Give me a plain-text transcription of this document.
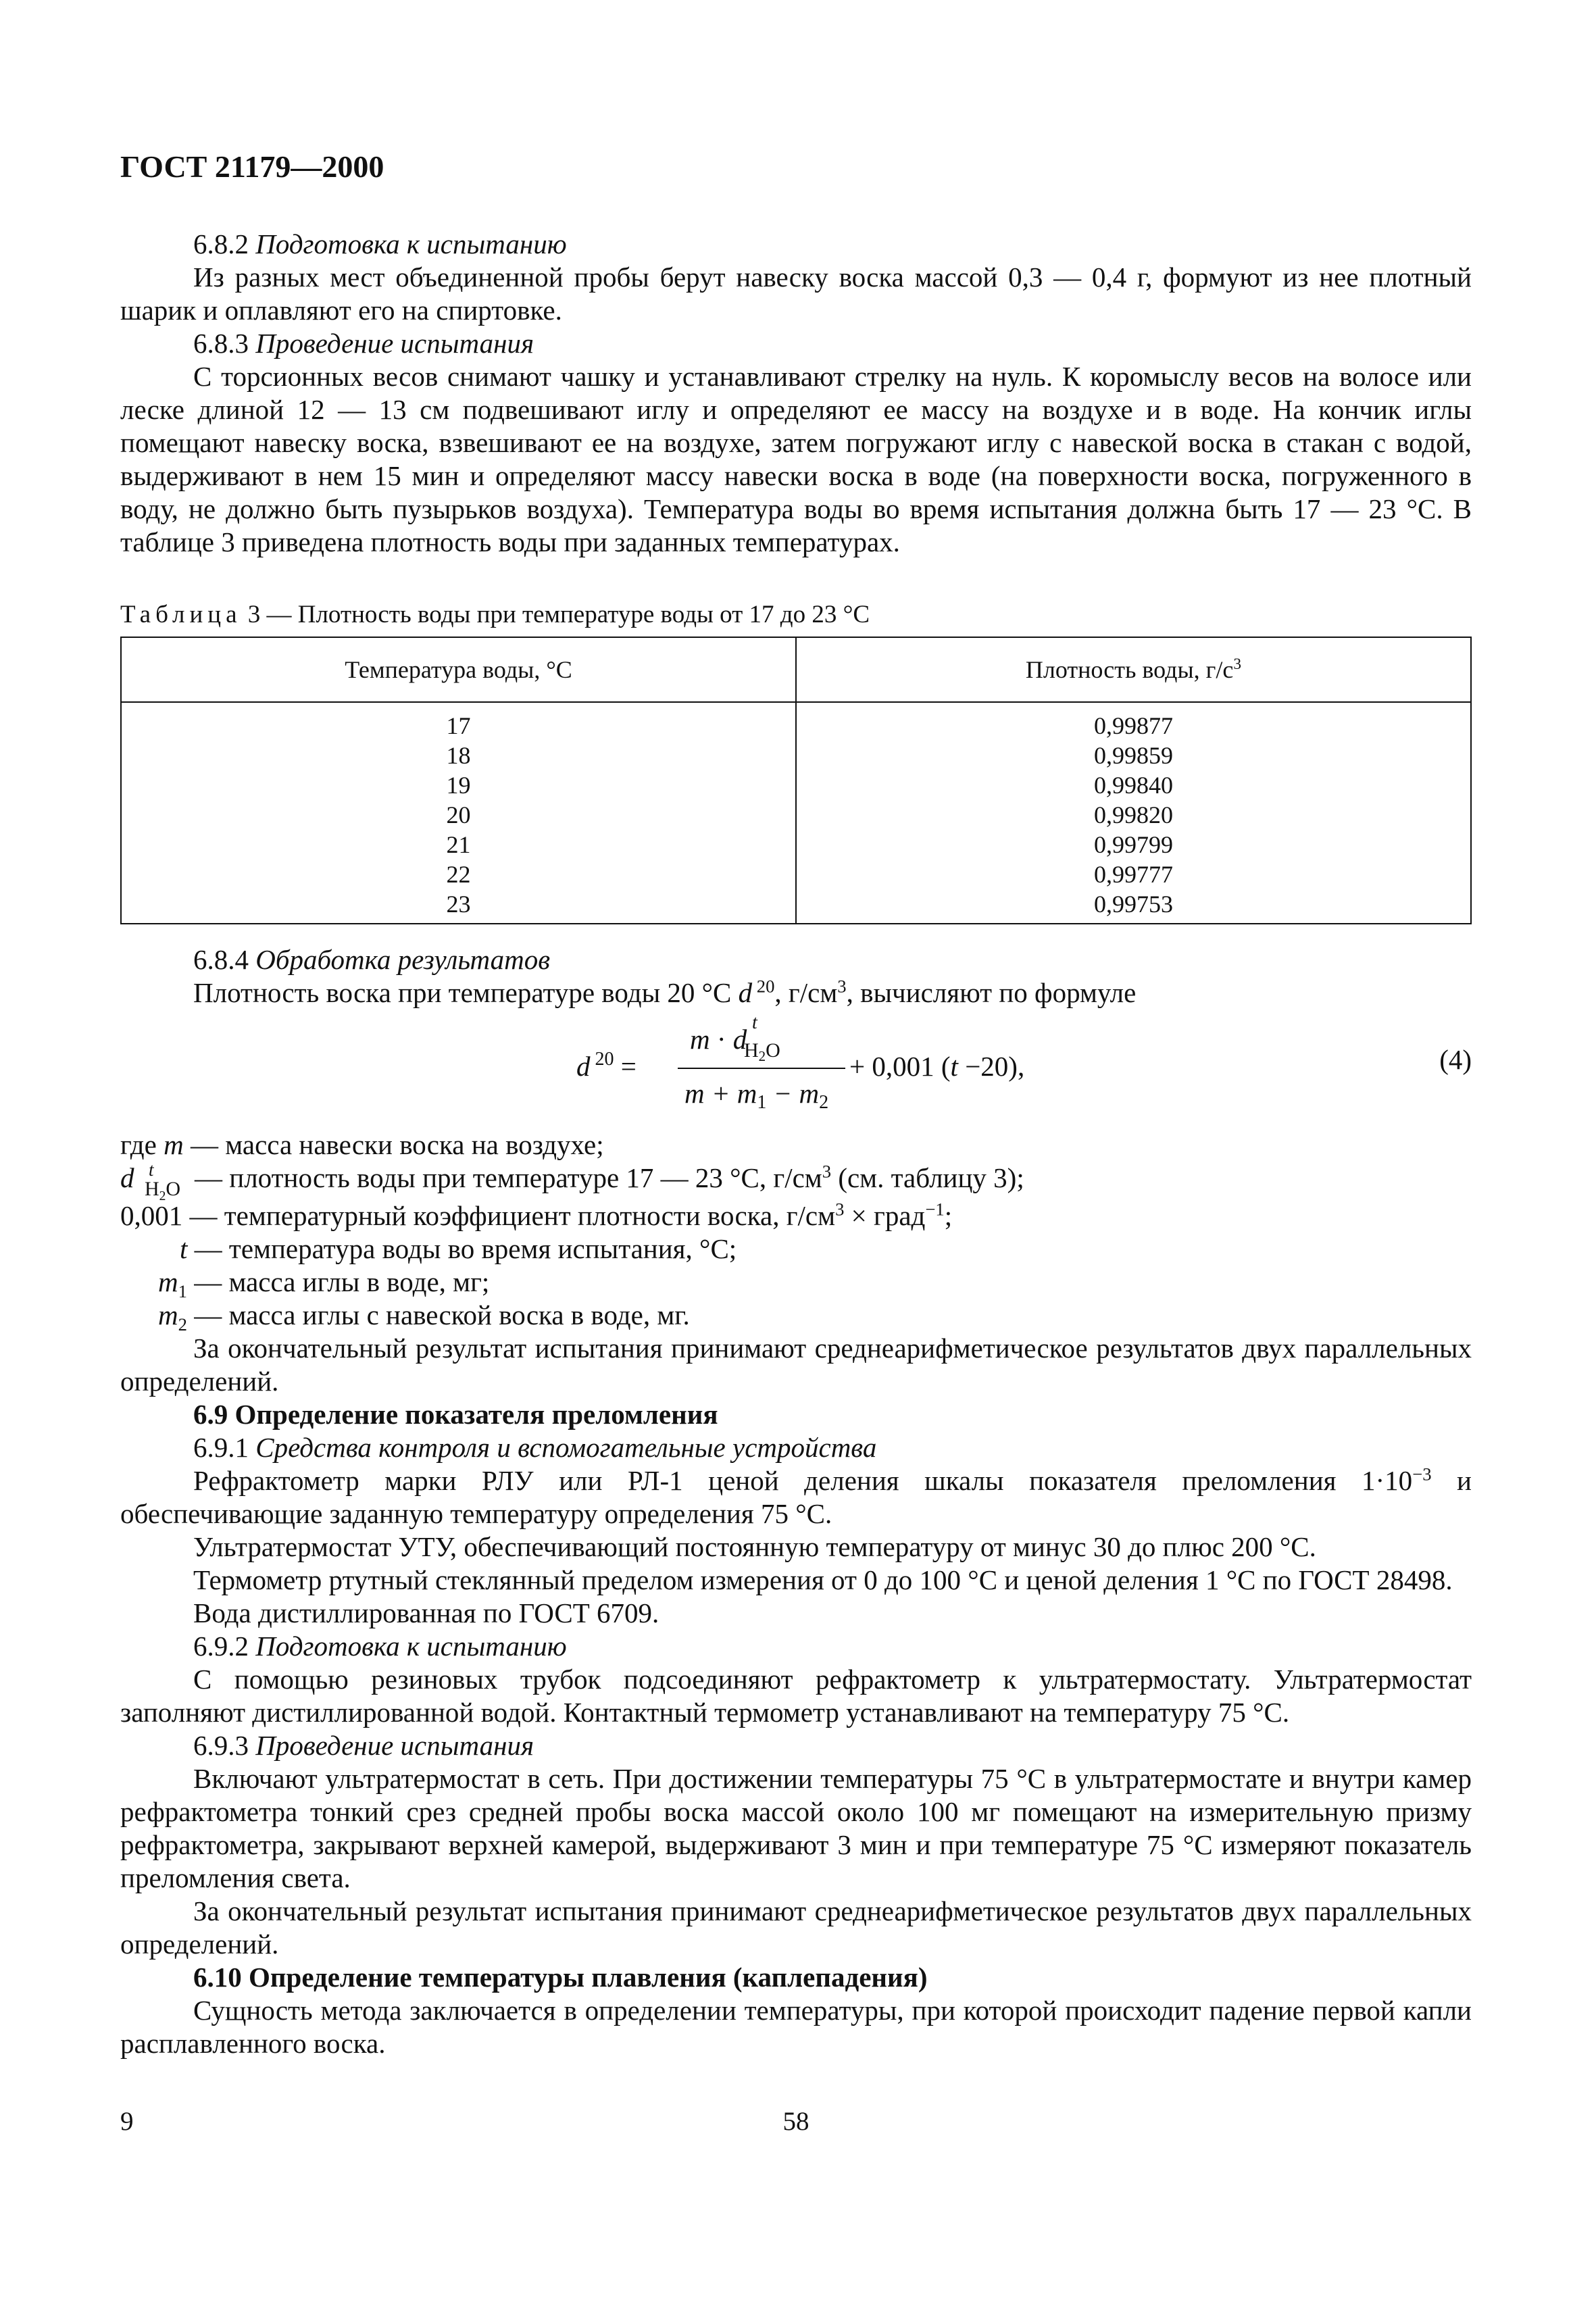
ГОСТ 21179—2000

6.8.2 Подготовка к испытанию

Из разных мест объединенной пробы берут навеску воска массой 0,3 — 0,4 г, формуют из нее плотный шарик и оплавляют его на спиртовке.

6.8.3 Проведение испытания

С торсионных весов снимают чашку и устанавливают стрелку на нуль. К коромыслу весов на волосе или леске длиной 12 — 13 см подвешивают иглу и определяют ее массу на воздухе и в воде. На кончик иглы помещают навеску воска, взвешивают ее на воздухе, затем погружают иглу с навеской воска в стакан с водой, выдерживают в нем 15 мин и определяют массу навески воска в воде (на поверхности воска, погруженного в воду, не должно быть пузырьков воздуха). Температура воды во время испытания должна быть 17 — 23 °С. В таблице 3 приведена плотность воды при заданных температурах.

Таблица 3 — Плотность воды при температуре воды от 17 до 23 °С
Температура воды, °С	Плотность воды, $г/с^3$
17	0,99877
18	0,99859
19	0,99840
20	0,99820
21	0,99799
22	0,99777
23	0,99753

6.8.4 Обработка результатов

Плотность воска при температуре воды 20 °С d $^{20}$, $г/см^3$, вычисляют по формуле

d $^{20}$ =
m · d
t
$H_2O$
m + m1 − m2
+ 0,001 (t −20),	(4)
где m — масса навески воска на воздухе;
d t
$H_2O$ — плотность воды при температуре 17 — 23 °С, $г/см^3$ (см. таблицу 3);
0,001 — температурный коэффициент плотности воска, $г/см^3$ × град$^{-1}$;
t — температура воды во время испытания, °С;
$m_1$ — масса иглы в воде, мг;
$m_2$ — масса иглы с навеской воска в воде, мг.

За окончательный результат испытания принимают среднеарифметическое результатов двух параллельных определений.

6.9 Определение показателя преломления

6.9.1 Средства контроля и вспомогательные устройства

Рефрактометр марки РЛУ или РЛ-1 ценой деления шкалы показателя преломления $1\cdot 10^{-3}$ и обеспечивающие заданную температуру определения 75 °С.

Ультратермостат УТУ, обеспечивающий постоянную температуру от минус 30 до плюс 200 °С.

Термометр ртутный стеклянный пределом измерения от 0 до 100 °С и ценой деления 1 °С по ГОСТ 28498.

Вода дистиллированная по ГОСТ 6709.

6.9.2 Подготовка к испытанию

С помощью резиновых трубок подсоединяют рефрактометр к ультратермостату. Ультратермостат заполняют дистиллированной водой. Контактный термометр устанавливают на температуру 75 °С.

6.9.3 Проведение испытания

Включают ультратермостат в сеть. При достижении температуры 75 °С в ультратермостате и внутри камер рефрактометра тонкий срез средней пробы воска массой около 100 мг помещают на измерительную призму рефрактометра, закрывают верхней камерой, выдерживают 3 мин и при температуре 75 °С измеряют показатель преломления света.

За окончательный результат испытания принимают среднеарифметическое результатов двух параллельных определений.

6.10 Определение температуры плавления (каплепадения)

Сущность метода заключается в определении температуры, при которой происходит падение первой капли расплавленного воска.

9	58
